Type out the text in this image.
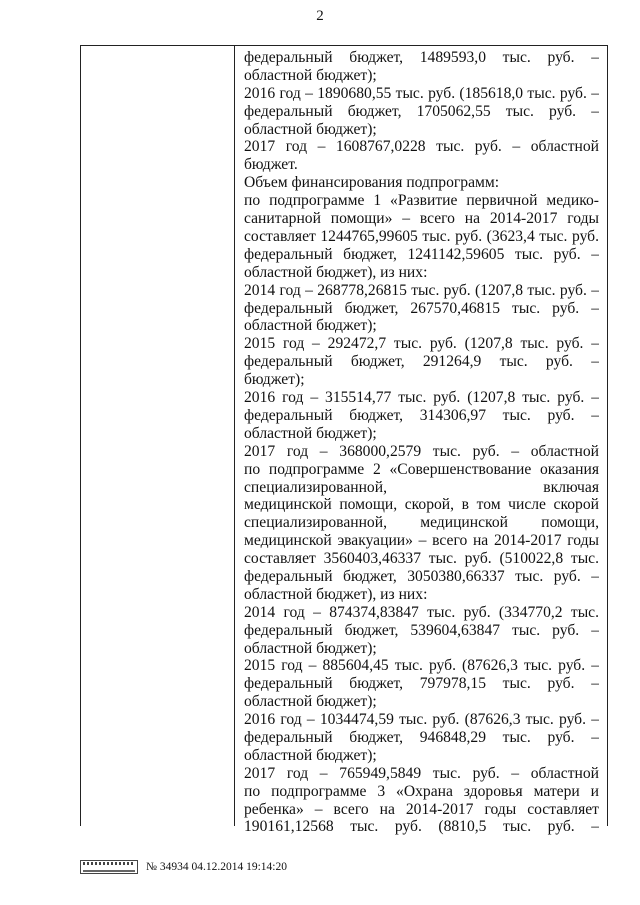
2
федеральный бюджет, 1489593,0 тыс. руб. –
областной бюджет);
2016 год – 1890680,55 тыс. руб. (185618,0 тыс. руб. –
федеральный бюджет, 1705062,55 тыс. руб. –
областной бюджет);
2017 год – 1608767,0228 тыс. руб. – областной
бюджет.
Объем финансирования подпрограмм:
по подпрограмме 1 «Развитие первичной медико-
санитарной помощи» – всего на 2014-2017 годы
составляет 1244765,99605 тыс. руб. (3623,4 тыс. руб.
федеральный бюджет, 1241142,59605 тыс. руб. –
областной бюджет), из них:
2014 год – 268778,26815 тыс. руб. (1207,8 тыс. руб. –
федеральный бюджет, 267570,46815 тыс. руб. –
областной бюджет);
2015 год – 292472,7 тыс. руб. (1207,8 тыс. руб. –
федеральный бюджет, 291264,9 тыс. руб. –
бюджет);
2016 год – 315514,77 тыс. руб. (1207,8 тыс. руб. –
федеральный бюджет, 314306,97 тыс. руб. –
областной бюджет);
2017 год – 368000,2579 тыс. руб. – областной
по подпрограмме 2 «Совершенствование оказания
специализированной, включая
медицинской помощи, скорой, в том числе скорой
специализированной, медицинской помощи,
медицинской эвакуации» – всего на 2014-2017 годы
составляет 3560403,46337 тыс. руб. (510022,8 тыс.
федеральный бюджет, 3050380,66337 тыс. руб. –
областной бюджет), из них:
2014 год – 874374,83847 тыс. руб. (334770,2 тыс.
федеральный бюджет, 539604,63847 тыс. руб. –
областной бюджет);
2015 год – 885604,45 тыс. руб. (87626,3 тыс. руб. –
федеральный бюджет, 797978,15 тыс. руб. –
областной бюджет);
2016 год – 1034474,59 тыс. руб. (87626,3 тыс. руб. –
федеральный бюджет, 946848,29 тыс. руб. –
областной бюджет);
2017 год – 765949,5849 тыс. руб. – областной
по подпрограмме 3 «Охрана здоровья матери и
ребенка» – всего на 2014-2017 годы составляет
190161,12568 тыс. руб. (8810,5 тыс. руб. –
№ 34934 04.12.2014 19:14:20
